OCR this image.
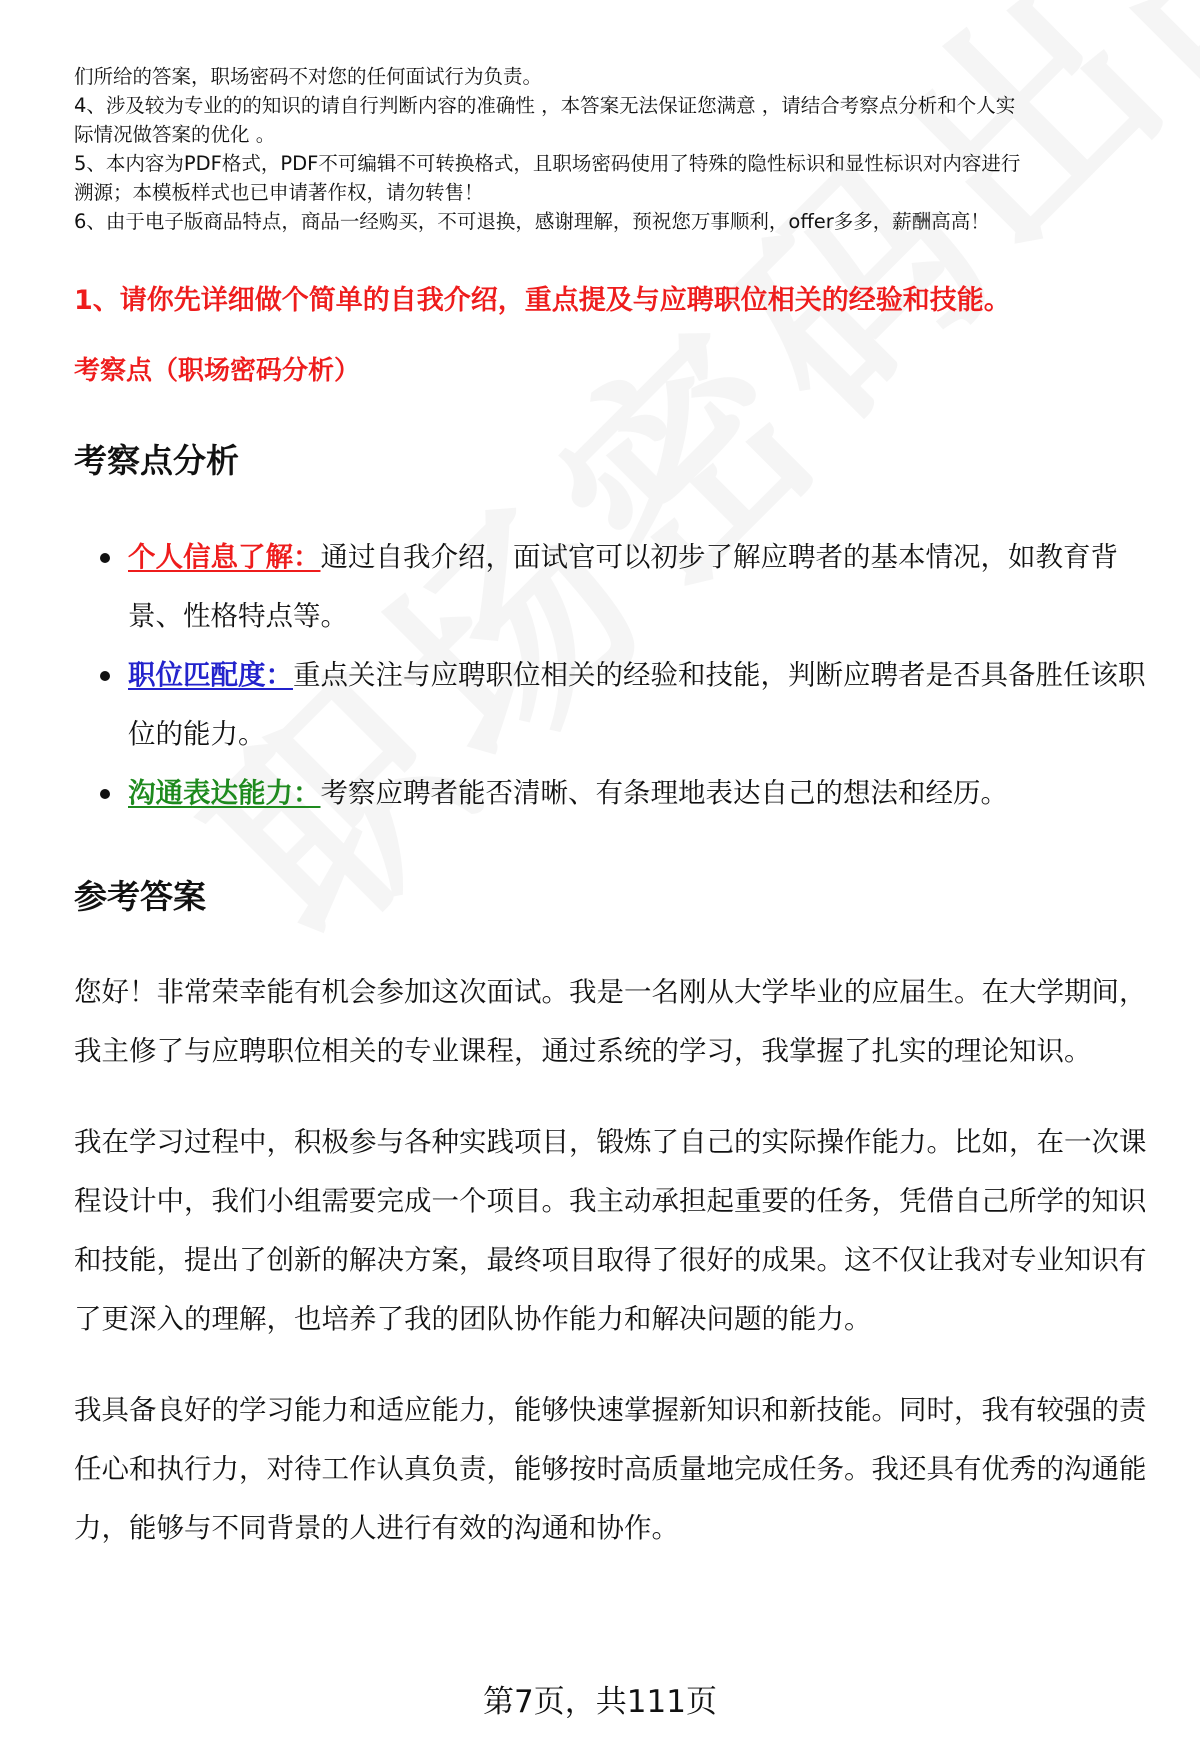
们所给的答案，职场密码不对您的任何面试行为负责。

4、涉及较为专业的的知识的请自行判断内容的准确性 ，本答案无法保证您满意 ，请结合考察点分析和个人实

际情况做答案的优化 。

5、本内容为PDF格式，PDF不可编辑不可转换格式，且职场密码使用了特殊的隐性标识和显性标识对内容进行

溯源；本模板样式也已申请著作权，请勿转售！

6、由于电子版商品特点，商品一经购买，不可退换，感谢理解，预祝您万事顺利，offer多多，薪酬高高！

1、请你先详细做个简单的自我介绍，重点提及与应聘职位相关的经验和技能。
考察点（职场密码分析）
考察点分析
个人信息了解：通过自我介绍，面试官可以初步了解应聘者的基本情况，如教育背景、性格特点等。
职位匹配度：重点关注与应聘职位相关的经验和技能，判断应聘者是否具备胜任该职位的能力。
沟通表达能力：考察应聘者能否清晰、有条理地表达自己的想法和经历。
参考答案

您好！非常荣幸能有机会参加这次面试。我是一名刚从大学毕业的应届生。在大学期间，我主修了与应聘职位相关的专业课程，通过系统的学习，我掌握了扎实的理论知识。

我在学习过程中，积极参与各种实践项目，锻炼了自己的实际操作能力。比如，在一次课程设计中，我们小组需要完成一个项目。我主动承担起重要的任务，凭借自己所学的知识和技能，提出了创新的解决方案，最终项目取得了很好的成果。这不仅让我对专业知识有了更深入的理解，也培养了我的团队协作能力和解决问题的能力。

我具备良好的学习能力和适应能力，能够快速掌握新知识和新技能。同时，我有较强的责任心和执行力，对待工作认真负责，能够按时高质量地完成任务。我还具有优秀的沟通能力，能够与不同背景的人进行有效的沟通和协作。

第7页，共111页
